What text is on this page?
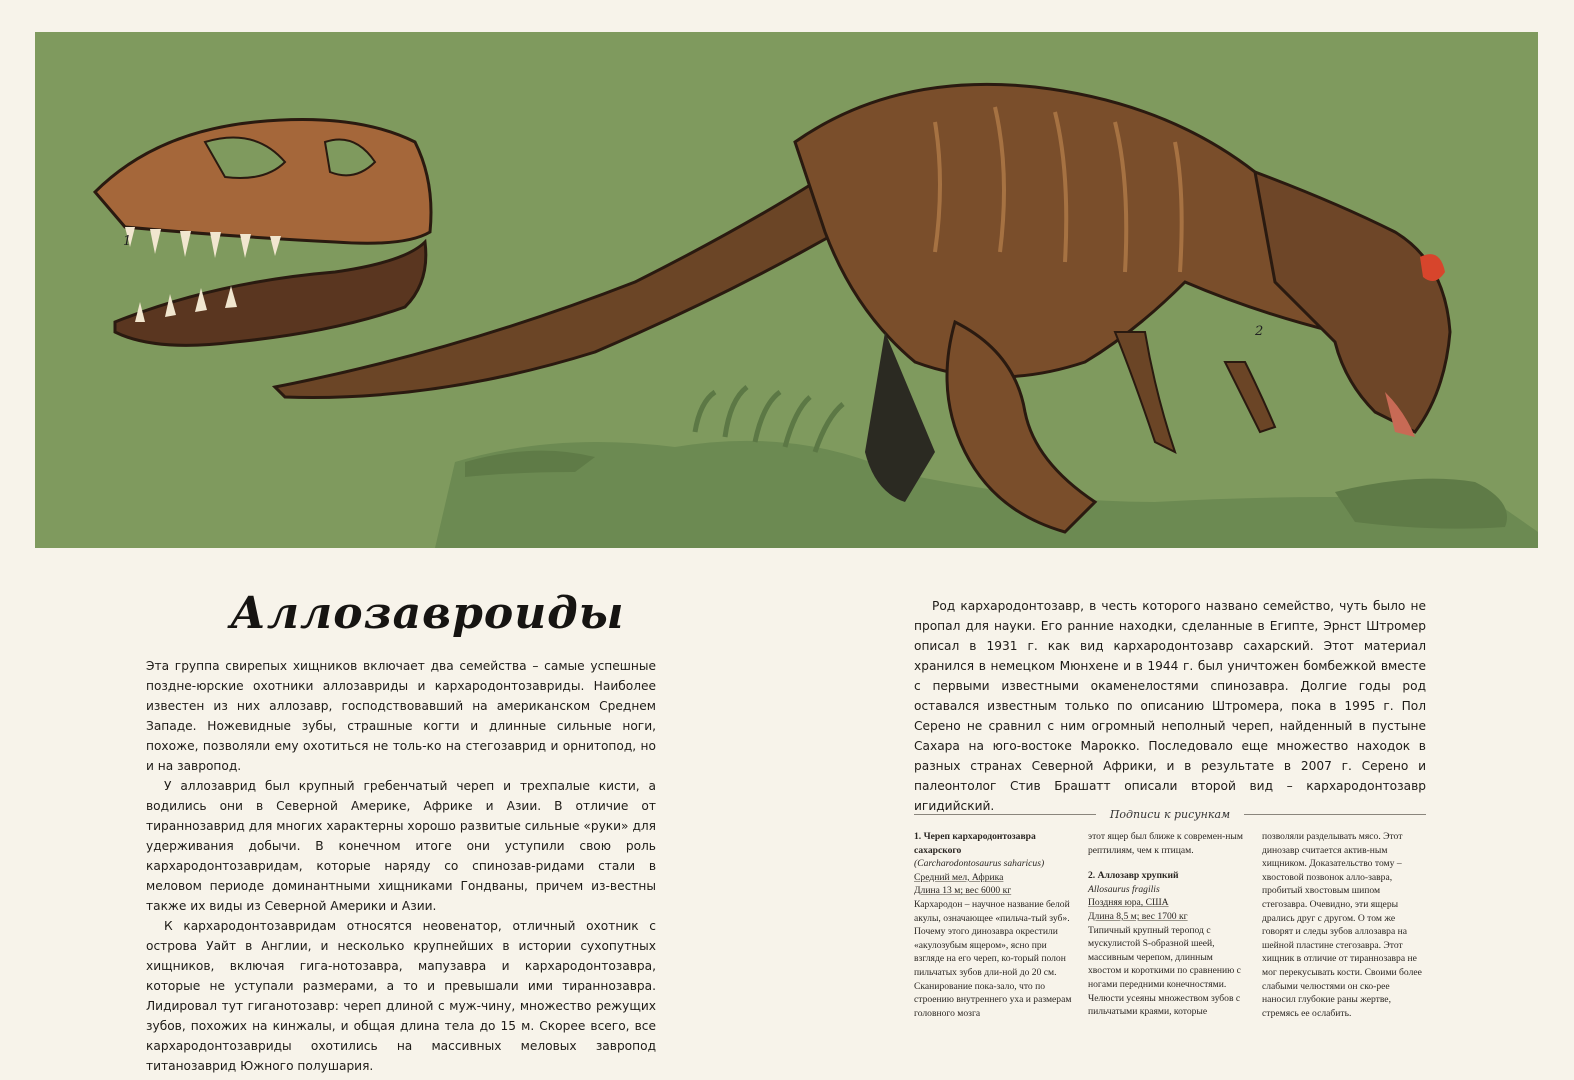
1
2
Аллозавроиды

Эта группа свирепых хищников включает два семейства – самые успешные поздне-юрские охотники аллозавриды и кархародонтозавриды. Наиболее известен из них аллозавр, господствовавший на американском Среднем Западе. Ножевидные зубы, страшные когти и длинные сильные ноги, похоже, позволяли ему охотиться не толь-ко на стегозаврид и орнитопод, но и на завропод.

У аллозаврид был крупный гребенчатый череп и трехпалые кисти, а водились они в Северной Америке, Африке и Азии. В отличие от тираннозаврид для многих характерны хорошо развитые сильные «руки» для удерживания добычи. В конечном итоге они уступили свою роль кархародонтозавридам, которые наряду со спинозав-ридами стали в меловом периоде доминантными хищниками Гондваны, причем из-вестны также их виды из Северной Америки и Азии.

К кархародонтозавридам относятся неовенатор, отличный охотник с острова Уайт в Англии, и несколько крупнейших в истории сухопутных хищников, включая гига-нотозавра, мапузавра и кархародонтозавра, которые не уступали размерами, а то и превышали ими тираннозавра. Лидировал тут гиганотозавр: череп длиной с муж-чину, множество режущих зубов, похожих на кинжалы, и общая длина тела до 15 м. Скорее всего, все кархародонтозавриды охотились на массивных меловых завропод титанозаврид Южного полушария.

Род кархародонтозавр, в честь которого названо семейство, чуть было не пропал для науки. Его ранние находки, сделанные в Египте, Эрнст Штромер описал в 1931 г. как вид кархародонтозавр сахарский. Этот материал хранился в немецком Мюнхене и в 1944 г. был уничтожен бомбежкой вместе с первыми известными окаменелостями спинозавра. Долгие годы род оставался известным только по описанию Штромера, пока в 1995 г. Пол Серено не сравнил с ним огромный неполный череп, найденный в пустыне Сахара на юго-востоке Марокко. Последовало еще множество находок в разных странах Северной Африки, и в результате в 2007 г. Серено и палеонтолог Стив Брашатт описали второй вид – кархародонтозавр игидийский.

Подписи к рисункам

1. Череп кархародонтозавра сахарского

(Carcharodontosaurus saharicus)

Средний мел, Африка

Длина 13 м; вес 6000 кг

Кархародон – научное название белой акулы, означающее «пильча-тый зуб». Почему этого динозавра окрестили «акулозубым ящером», ясно при взгляде на его череп, ко-торый полон пильчатых зубов дли-ной до 20 см. Сканирование пока-зало, что по строению внутреннего уха и размерам головного мозга

этот ящер был ближе к современ-ным рептилиям, чем к птицам.

2. Аллозавр хрупкий

Allosaurus fragilis

Поздняя юра, США

Длина 8,5 м; вес 1700 кг

Типичный крупный теропод с мускулистой S-образной шеей, массивным черепом, длинным хвостом и короткими по сравнению с ногами передними конечностями. Челюсти усеяны множеством зубов с пильчатыми краями, которые

позволяли разделывать мясо. Этот динозавр считается актив-ным хищником. Доказательство тому – хвостовой позвонок алло-завра, пробитый хвостовым шипом стегозавра. Очевидно, эти ящеры дрались друг с другом. О том же говорят и следы зубов аллозавра на шейной пластине стегозавра. Этот хищник в отличие от тираннозавра не мог перекусывать кости. Своими более слабыми челюстями он ско-рее наносил глубокие раны жертве, стремясь ее ослабить.
